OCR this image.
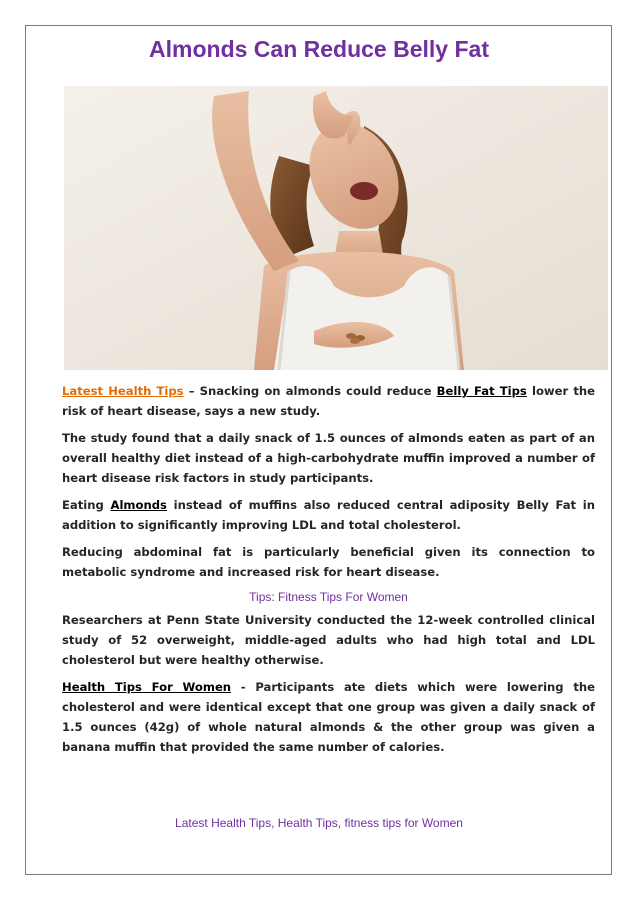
Almonds Can Reduce Belly Fat

Latest Health Tips – Snacking on almonds could reduce Belly Fat Tips lower the risk of heart disease, says a new study.

The study found that a daily snack of 1.5 ounces of almonds eaten as part of an overall healthy diet instead of a high-carbohydrate muffin improved a number of heart disease risk factors in study participants.

Eating Almonds instead of muffins also reduced central adiposity Belly Fat in addition to significantly improving LDL and total cholesterol.

Reducing abdominal fat is particularly beneficial given its connection to metabolic syndrome and increased risk for heart disease.

Tips: Fitness Tips For Women

Researchers at Penn State University conducted the 12-week controlled clinical study of 52 overweight, middle-aged adults who had high total and LDL cholesterol but were healthy otherwise.

Health Tips For Women - Participants ate diets which were lowering the cholesterol and were identical except that one group was given a daily snack of 1.5 ounces (42g) of whole natural almonds & the other group was given a banana muffin that provided the same number of calories.

Latest Health Tips, Health Tips, fitness tips for Women
